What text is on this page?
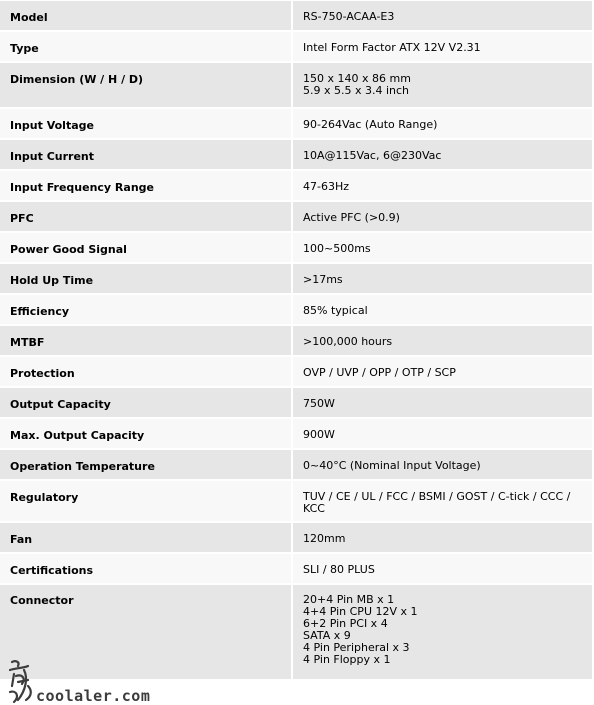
Model	RS-750-ACAA-E3
Type	Intel Form Factor ATX 12V V2.31
Dimension (W / H / D)	150 x 140 x 86 mm
5.9 x 5.5 x 3.4 inch
Input Voltage	90-264Vac (Auto Range)
Input Current	10A@115Vac, 6@230Vac
Input Frequency Range	47-63Hz
PFC	Active PFC (>0.9)
Power Good Signal	100~500ms
Hold Up Time	>17ms
Efficiency	85% typical
MTBF	>100,000 hours
Protection	OVP / UVP / OPP / OTP / SCP
Output Capacity	750W
Max. Output Capacity	900W
Operation Temperature	0~40°C (Nominal Input Voltage)
Regulatory	TUV / CE / UL / FCC / BSMI / GOST / C-tick / CCC / KCC
Fan	120mm
Certifications	SLI / 80 PLUS
Connector	20+4 Pin MB x 1
4+4 Pin CPU 12V x 1
6+2 Pin PCI x 4
SATA x 9
4 Pin Peripheral x 3
4 Pin Floppy x 1
coolaler.com
